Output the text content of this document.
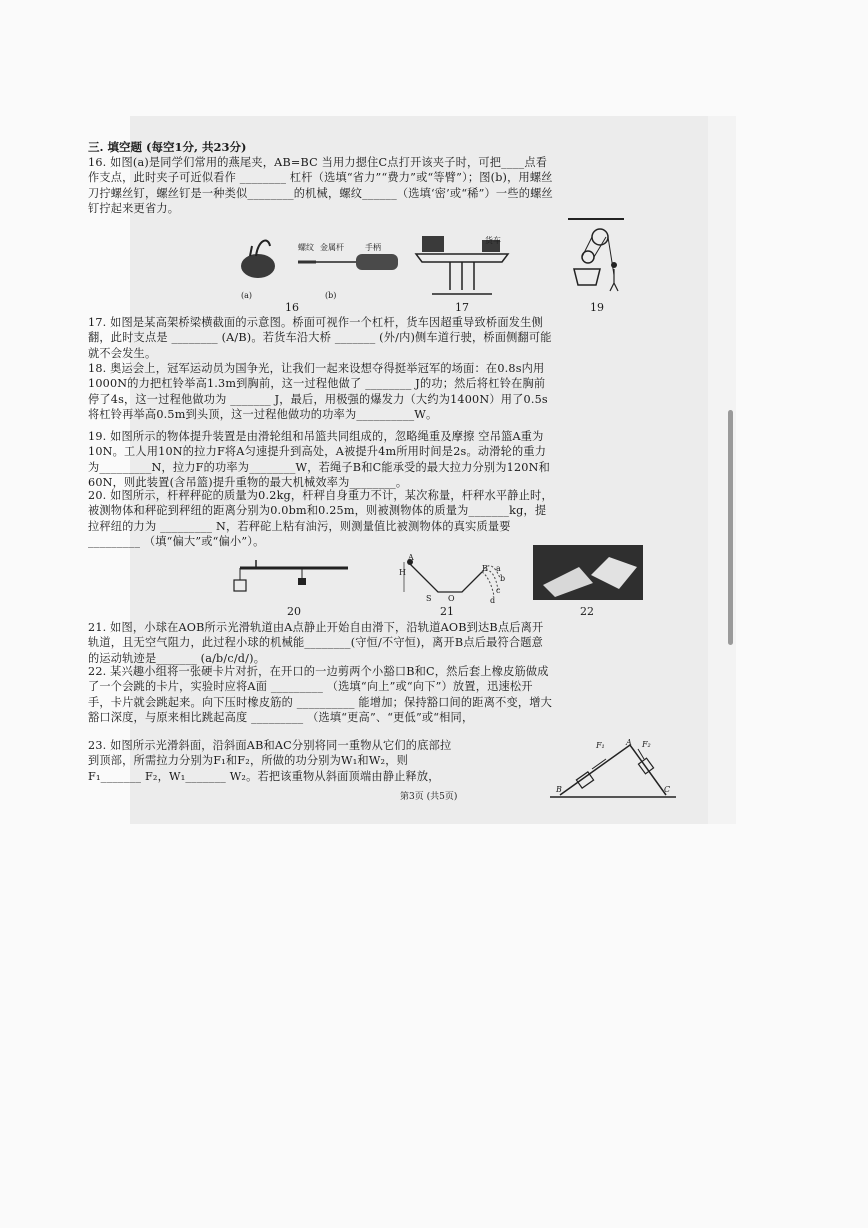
三. 填空题 (每空1分, 共23分)
16. 如图(a)是同学们常用的燕尾夹，AB=BC 当用力摁住C点打开该夹子时，可把____点看作支点，此时夹子可近似看作 ________ 杠杆（选填“省力”“费力”或“等臂”）；图(b)，用螺丝刀拧螺丝钉，螺丝钉是一种类似________的机械，螺纹______（选填‘密’或“稀”）一些的螺丝钉拧起来更省力。
螺纹 金属杆	手柄
(a)	(b)
货车
16	17	19
17. 如图是某高架桥梁横截面的示意图。桥面可视作一个杠杆，货车因超重导致桥面发生侧翻，此时支点是 ________ (A/B)。若货车沿大桥 _______ (外/内)侧车道行驶，桥面侧翻可能就不会发生。
18. 奥运会上，冠军运动员为国争光，让我们一起来设想夺得挺举冠军的场面：在0.8s内用1000N的力把杠铃举高1.3m到胸前，这一过程他做了 ________ J的功；然后将杠铃在胸前停了4s，这一过程他做功为 _______ J，最后，用极强的爆发力（大约为1400N）用了0.5s将杠铃再举高0.5m到头顶，这一过程他做功的功率为__________W。
19. 如图所示的物体提升装置是由滑轮组和吊篮共同组成的，忽略绳重及摩擦 空吊篮A重为10N。工人用10N的拉力F将A匀速提升到高处，A被提升4m所用时间是2s。动滑轮的重力为_________N，拉力F的功率为________W，若绳子B和C能承受的最大拉力分别为120N和60N，则此装置(含吊篮)提升重物的最大机械效率为________。
20. 如图所示，杆秤秤砣的质量为0.2kg，杆秤自身重力不计，某次称量，杆秤水平静止时，被测物体和秤砣到秤纽的距离分别为0.0bm和0.25m，则被测物体的质量为_______kg，提拉秤纽的力为 _________ N，若秤砣上粘有油污，则测量值比被测物体的真实质量要 _________ （填“偏大”或“偏小”）。
H
A
B
S O
a
b
c
d
20	21	22
21. 如图，小球在AOB所示光滑轨道由A点静止开始自由滑下，沿轨道AOB到达B点后离开轨道，且无空气阻力，此过程小球的机械能________(守恒/不守恒)，离开B点后最符合题意的运动轨迹是_______ (a/b/c/d/)。
22. 某兴趣小组将一张硬卡片对折，在开口的一边剪两个小豁口B和C，然后套上橡皮筋做成了一个会跳的卡片，实验时应将A面 _________ （选填“向上”或“向下”）放置，迅速松开手，卡片就会跳起来。向下压时橡皮筋的 __________ 能增加；保持豁口间的距离不变，增大豁口深度，与原来相比跳起高度 _________ （选填“更高”、“更低”或“相同，
23. 如图所示光滑斜面，沿斜面AB和AC分别将同一重物从它们的底部拉到顶部，所需拉力分别为F₁和F₂，所做的功分别为W₁和W₂，则F₁_______ F₂，W₁_______ W₂。若把该重物从斜面顶端由静止释放，
F₁	A F₂
B	C
第3页 (共5页)
